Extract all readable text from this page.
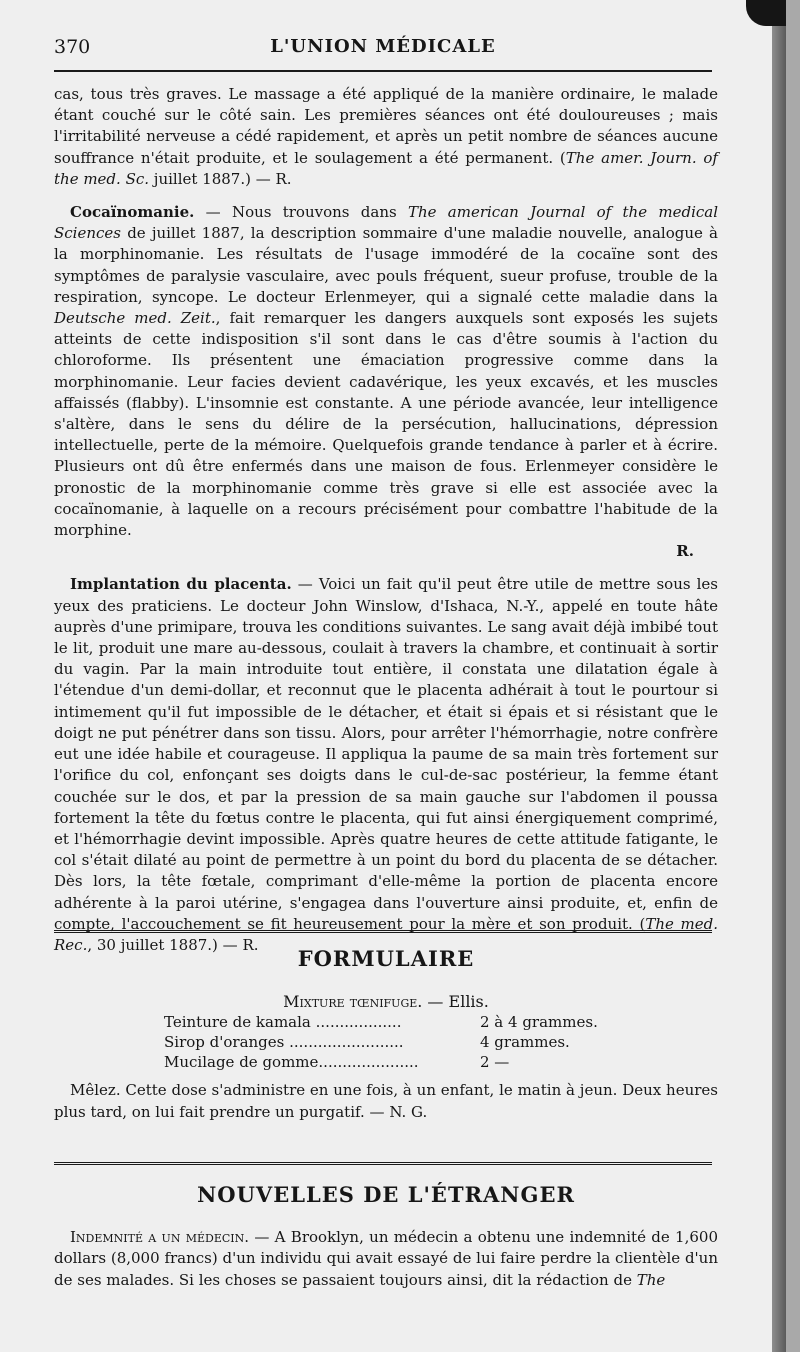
370	L'UNION MÉDICALE

cas, tous très graves. Le massage a été appliqué de la manière ordinaire, le malade étant couché sur le côté sain. Les premières séances ont été douloureuses ; mais l'irritabilité nerveuse a cédé rapidement, et après un petit nombre de séances aucune souffrance n'était produite, et le soulagement a été permanent. (The amer. Journ. of the med. Sc. juillet 1887.) — R.

Cocaïnomanie. — Nous trouvons dans The american Journal of the medical Sciences de juillet 1887, la description sommaire d'une maladie nouvelle, analogue à la morphinomanie. Les résultats de l'usage immodéré de la cocaïne sont des symptômes de paralysie vasculaire, avec pouls fréquent, sueur profuse, trouble de la respiration, syncope. Le docteur Erlenmeyer, qui a signalé cette maladie dans la Deutsche med. Zeit., fait remarquer les dangers auxquels sont exposés les sujets atteints de cette indisposition s'il sont dans le cas d'être soumis à l'action du chloroforme. Ils présentent une émaciation progressive comme dans la morphinomanie. Leur facies devient cadavérique, les yeux excavés, et les muscles affaissés (flabby). L'insomnie est constante. A une période avancée, leur intelligence s'altère, dans le sens du délire de la persécution, hallucinations, dépression intellectuelle, perte de la mémoire. Quelquefois grande tendance à parler et à écrire. Plusieurs ont dû être enfermés dans une maison de fous. Erlenmeyer considère le pronostic de la morphinomanie comme très grave si elle est associée avec la cocaïnomanie, à laquelle on a recours précisément pour combattre l'habitude de la morphine.
R.

Implantation du placenta. — Voici un fait qu'il peut être utile de mettre sous les yeux des praticiens. Le docteur John Winslow, d'Ishaca, N.-Y., appelé en toute hâte auprès d'une primipare, trouva les conditions suivantes. Le sang avait déjà imbibé tout le lit, produit une mare au-dessous, coulait à travers la chambre, et continuait à sortir du vagin. Par la main introduite tout entière, il constata une dilatation égale à l'étendue d'un demi-dollar, et reconnut que le placenta adhérait à tout le pourtour si intimement qu'il fut impossible de le détacher, et était si épais et si résistant que le doigt ne put pénétrer dans son tissu. Alors, pour arrêter l'hémorrhagie, notre confrère eut une idée habile et courageuse. Il appliqua la paume de sa main très fortement sur l'orifice du col, enfonçant ses doigts dans le cul-de-sac postérieur, la femme étant couchée sur le dos, et par la pression de sa main gauche sur l'abdomen il poussa fortement la tête du fœtus contre le placenta, qui fut ainsi énergiquement comprimé, et l'hémorrhagie devint impossible. Après quatre heures de cette attitude fatigante, le col s'était dilaté au point de permettre à un point du bord du placenta de se détacher. Dès lors, la tête fœtale, comprimant d'elle-même la portion de placenta encore adhérente à la paroi utérine, s'engagea dans l'ouverture ainsi produite, et, enfin de compte, l'accouchement se fit heureusement pour la mère et son produit. (The med. Rec., 30 juillet 1887.) — R.

FORMULAIRE

Mixture tœnifuge. — Ellis.

Teinture de kamala ..................	2 à 4 grammes.
Sirop d'oranges ........................	4 grammes.
Mucilage de gomme.....................	2 —

Mêlez. Cette dose s'administre en une fois, à un enfant, le matin à jeun. Deux heures plus tard, on lui fait prendre un purgatif. — N. G.

NOUVELLES DE L'ÉTRANGER

Indemnité a un médecin. — A Brooklyn, un médecin a obtenu une indemnité de 1,600 dollars (8,000 francs) d'un individu qui avait essayé de lui faire perdre la clientèle d'un de ses malades. Si les choses se passaient toujours ainsi, dit la rédaction de The
